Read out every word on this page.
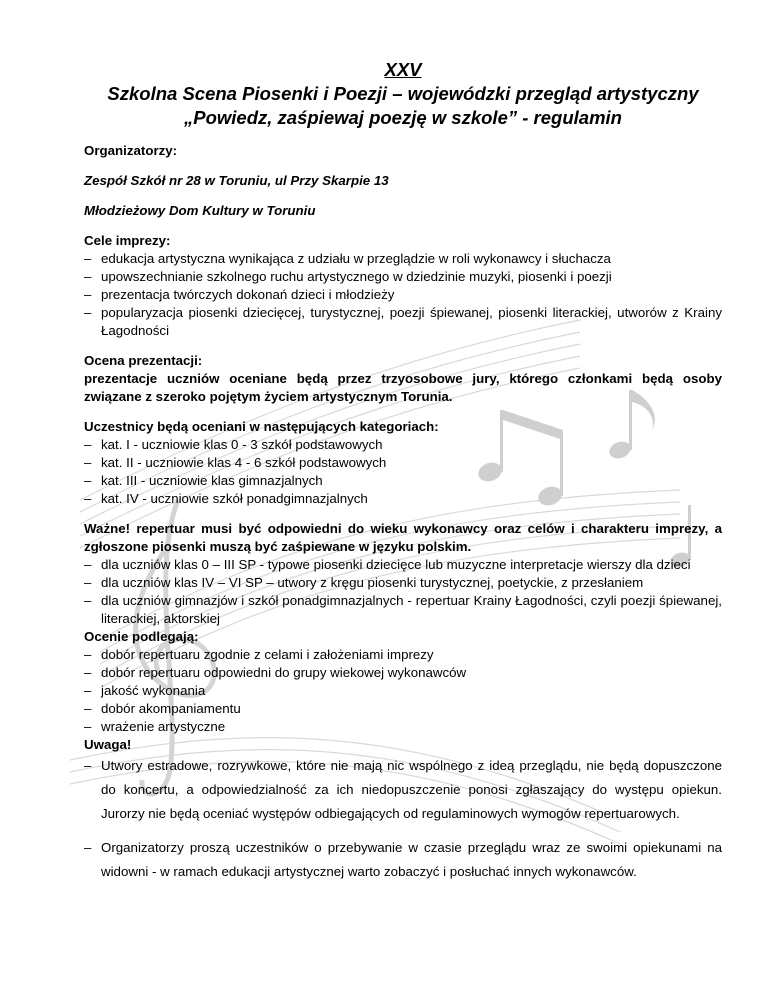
XXV
Szkolna Scena Piosenki i Poezji – wojewódzki przegląd artystyczny
„Powiedz, zaśpiewaj poezję w szkole” - regulamin

Organizatorzy:

Zespół Szkół nr 28 w Toruniu, ul Przy Skarpie 13

Młodzieżowy Dom Kultury w Toruniu

Cele imprezy:

– edukacja artystyczna wynikająca z udziału w przeglądzie w roli wykonawcy i słuchacza
– upowszechnianie szkolnego ruchu artystycznego w dziedzinie muzyki, piosenki i poezji
– prezentacja twórczych dokonań dzieci i młodzieży
– popularyzacja piosenki dziecięcej, turystycznej, poezji śpiewanej, piosenki literackiej, utworów z Krainy Łagodności

Ocena prezentacji:

prezentacje uczniów oceniane będą przez trzyosobowe jury, którego członkami będą osoby związane z szeroko pojętym życiem artystycznym Torunia.

Uczestnicy będą oceniani w następujących kategoriach:

– kat. I - uczniowie klas 0 - 3 szkół podstawowych
– kat. II - uczniowie klas 4 - 6 szkół podstawowych
– kat. III - uczniowie klas gimnazjalnych
– kat. IV - uczniowie szkół ponadgimnazjalnych

Ważne! repertuar musi być odpowiedni do wieku wykonawcy oraz celów i charakteru imprezy, a zgłoszone piosenki muszą być zaśpiewane w języku polskim.

– dla uczniów klas 0 – III SP - typowe piosenki dziecięce lub muzyczne interpretacje wierszy dla dzieci
– dla uczniów klas IV – VI SP – utwory z kręgu piosenki turystycznej, poetyckie, z przesłaniem
– dla uczniów gimnazjów i szkół ponadgimnazjalnych - repertuar Krainy Łagodności, czyli poezji śpiewanej, literackiej, aktorskiej

Ocenie podlegają:

– dobór repertuaru zgodnie z celami i założeniami imprezy
– dobór repertuaru odpowiedni do grupy wiekowej wykonawców
– jakość wykonania
– dobór akompaniamentu
– wrażenie artystyczne

Uwaga!

– Utwory estradowe, rozrywkowe, które nie mają nic wspólnego z ideą przeglądu, nie będą dopuszczone do koncertu, a odpowiedzialność za ich niedopuszczenie ponosi zgłaszający do występu opiekun. Jurorzy nie będą oceniać występów odbiegających od regulaminowych wymogów repertuarowych.
– Organizatorzy proszą uczestników o przebywanie w czasie przeglądu wraz ze swoimi opiekunami na widowni - w ramach edukacji artystycznej warto zobaczyć i posłuchać innych wykonawców.
